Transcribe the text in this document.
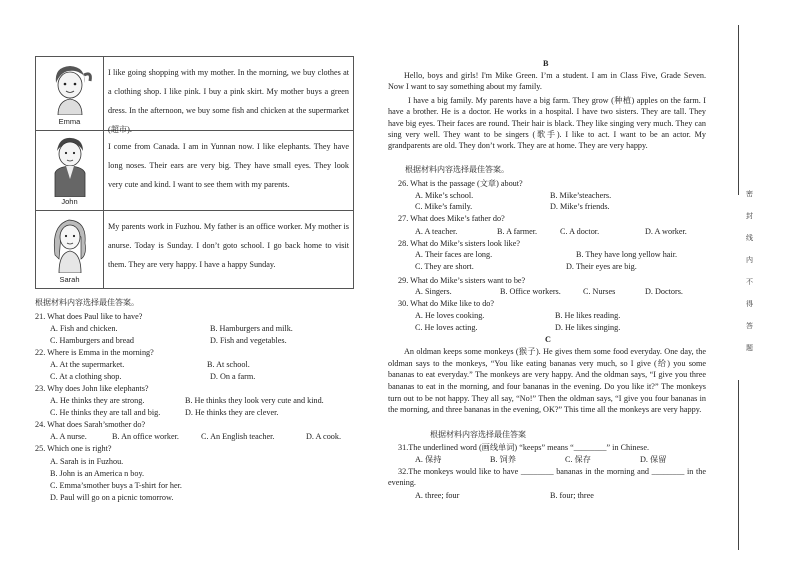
Emma
I like going shopping with my mother. In the morning, we buy clothes at a clothing shop. I like pink. I buy a pink skirt. My mother buys a green dress. In the afternoon, we buy some fish and chicken at the supermarket (超市).
John
I come from Canada. I am in Yunnan now. I like elephants. They have long noses. Their ears are very big. They have small eyes. They look very cute and kind. I want to see them with my parents.
Sarah
My parents work in Fuzhou. My father is an office worker. My mother is anurse. Today is Sunday. I don’t goto school. I go back home to visit them. They are very happy. I have a happy Sunday.
根据材料内容选择最佳答案。
21. What does Paul like to have?
A. Fish and chicken.	B. Hamburgers and milk.
C. Hamburgers and bread	D. Fish and vegetables.
22. Where is Emma in the morning?
A. At the supermarket.	B. At school.
C. At a clothing shop.	D. On a farm.
23. Why does John like elephants?
A. He thinks they are strong.	B. He thinks they look very cute and kind.
C. He thinks they are tall and big.	D. He thinks they are clever.
24. What does Sarah’smother do?
A. A nurse.	B. An office worker.	C. An English teacher.	D. A cook.
25. Which one is right?
A. Sarah is in Fuzhou.
B. John is an America n boy.
C. Emma’smother buys a T-shirt for her.
D. Paul will go on a picnic tomorrow.
B
Hello, boys and girls! I'm Mike Green. I’m a student. I am in Class Five, Grade Seven. Now I want to say something about my family.
I have a big family. My parents have a big farm. They grow (种植) apples on the farm. I have a brother. He is a doctor. He works in a hospital. I have two sisters. They are tall. They have big eyes. Their faces are round. Their hair is black. They like singing very much. They can sing very well. They want to be singers (歌手). I like to act. I want to be an actor. My grandparents are old. They don’t work. They are at home. They are very happy.
根据材料内容选择最佳答案。
26. What is the passage (文章) about?
A. Mike’s school.	B. Mike’steachers.
C. Mike’s family.	D. Mike’s friends.
27. What does Mike’s father do?
A. A teacher.	B. A farmer.	C. A doctor.	D. A worker.
28. What do Mike’s sisters look like?
A. Their faces are long.	B. They have long yellow hair.
C. They are short.	D. Their eyes are big.
29. What do Mike’s sisters want to be?
A. Singers.	B. Office workers.	C. Nurses	D. Doctors.
30. What do Mike like to do?
A. He loves cooking.	B. He likes reading.
C. He loves acting.	D. He likes singing.
C
An oldman keeps some monkeys (猴子). He gives them some food everyday. One day, the oldman says to the monkeys, “You like eating bananas very much, so I give (给) you some bananas to eat everyday.” The monkeys are very happy. And the oldman says, “I give you three bananas to eat in the morning, and four bananas in the evening. Do you like it?” The monkeys turn out to be not happy. They all say, “No!” Then the oldman says, “I give you four bananas in the morning, and three bananas in the evening, OK?” This time all the monkeys are very happy.
根据材料内容选择最佳答案
31.The underlined word (画线单词) “keeps” means “________” in Chinese.
A. 保持	B. 饲养	C. 保存	D. 保留
32.The monkeys would like to have ________ bananas in the morning and ________ in the evening.
A. three; four	B. four; three
密
封
线
内
不
得
答
题
